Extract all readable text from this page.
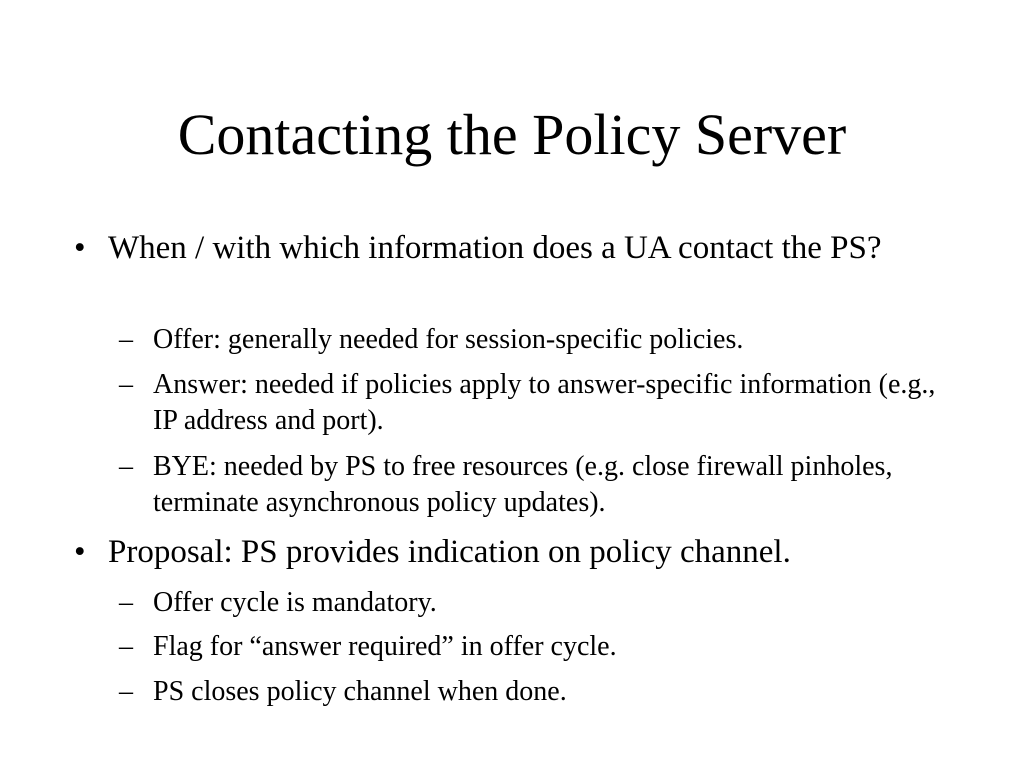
Contacting the Policy Server
• When / with which information does a UA contact the PS?
– Offer: generally needed for session-specific policies.
– Answer: needed if policies apply to answer-specific information (e.g., IP address and port).
– BYE: needed by PS to free resources (e.g. close firewall pinholes, terminate asynchronous policy updates).
• Proposal: PS provides indication on policy channel.
– Offer cycle is mandatory.
– Flag for “answer required” in offer cycle.
– PS closes policy channel when done.
